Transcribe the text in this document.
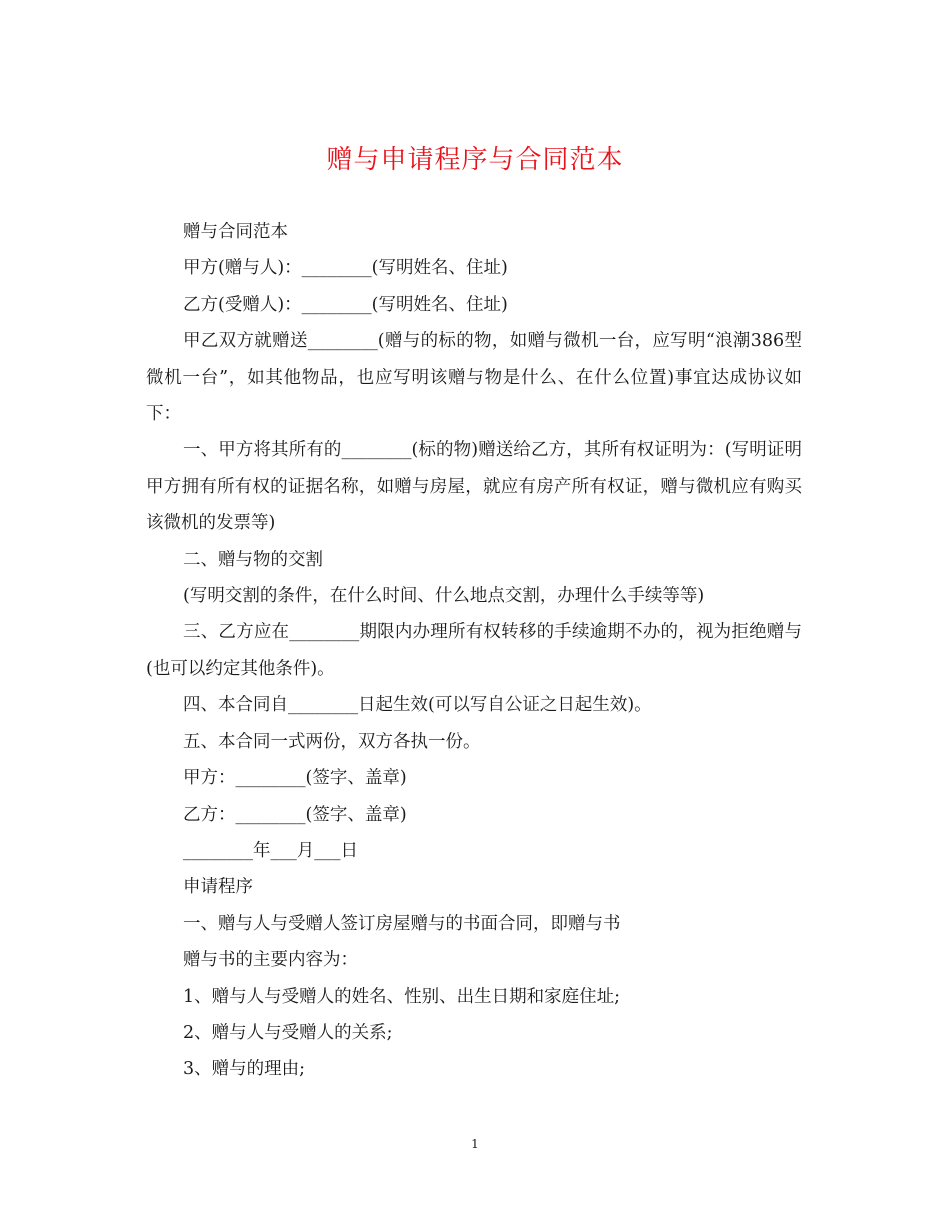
赠与申请程序与合同范本

赠与合同范本

甲方(赠与人)：________(写明姓名、住址)

乙方(受赠人)：________(写明姓名、住址)

甲乙双方就赠送________(赠与的标的物，如赠与微机一台，应写明“浪潮386型微机一台”，如其他物品，也应写明该赠与物是什么、在什么位置)事宜达成协议如下：

一、甲方将其所有的________(标的物)赠送给乙方，其所有权证明为：(写明证明甲方拥有所有权的证据名称，如赠与房屋，就应有房产所有权证，赠与微机应有购买该微机的发票等)

二、赠与物的交割

(写明交割的条件，在什么时间、什么地点交割，办理什么手续等等)

三、乙方应在________期限内办理所有权转移的手续逾期不办的，视为拒绝赠与(也可以约定其他条件)。

四、本合同自________日起生效(可以写自公证之日起生效)。

五、本合同一式两份，双方各执一份。

甲方：________(签字、盖章)

乙方：________(签字、盖章)

________年___月___日

申请程序

一、赠与人与受赠人签订房屋赠与的书面合同，即赠与书

赠与书的主要内容为：

1、赠与人与受赠人的姓名、性别、出生日期和家庭住址;

2、赠与人与受赠人的关系;

3、赠与的理由;

1
